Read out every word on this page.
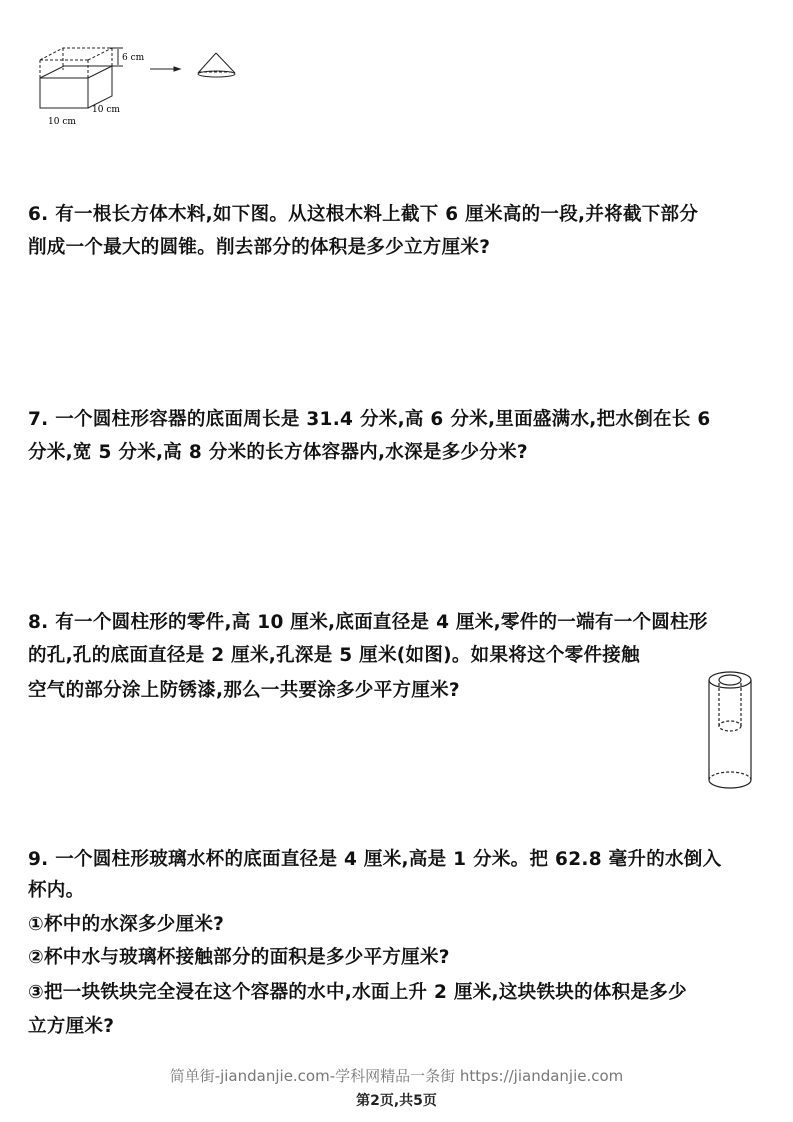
6 cm
10 cm
10 cm
6. 有一根长方体木料,如下图。从这根木料上截下 6 厘米高的一段,并将截下部分
削成一个最大的圆锥。削去部分的体积是多少立方厘米?
7. 一个圆柱形容器的底面周长是 31.4 分米,高 6 分米,里面盛满水,把水倒在长 6
分米,宽 5 分米,高 8 分米的长方体容器内,水深是多少分米?
8. 有一个圆柱形的零件,高 10 厘米,底面直径是 4 厘米,零件的一端有一个圆柱形
的孔,孔的底面直径是 2 厘米,孔深是 5 厘米(如图)。如果将这个零件接触
空气的部分涂上防锈漆,那么一共要涂多少平方厘米?
9. 一个圆柱形玻璃水杯的底面直径是 4 厘米,高是 1 分米。把 62.8 毫升的水倒入
杯内。
①杯中的水深多少厘米?
②杯中水与玻璃杯接触部分的面积是多少平方厘米?
③把一块铁块完全浸在这个容器的水中,水面上升 2 厘米,这块铁块的体积是多少
立方厘米?
简单街-jiandanjie.com-学科网精品一条街 https://jiandanjie.com
第2页,共5页
